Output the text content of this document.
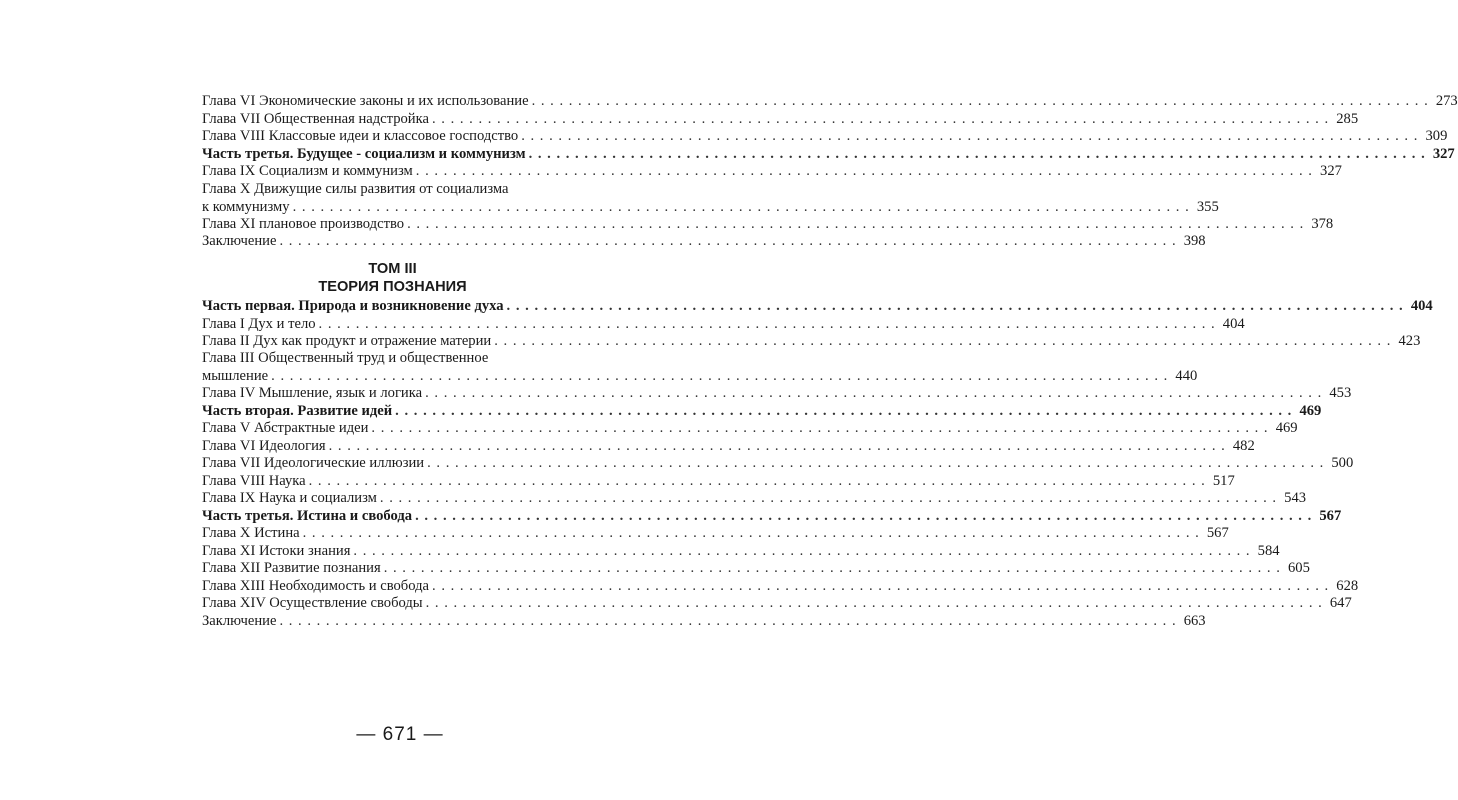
Глава VI Экономические законы и их использование . . .	273
Глава VII Общественная надстройка . . .	285
Глава VIII Классовые идеи и классовое господство . . .	309
Часть третья. Будущее - социализм и коммунизм . . .	327
Глава IX Социализм и коммунизм . . .	327
Глава X Движущие силы развития от социализма
к коммунизму . . .	355
Глава XI плановое производство . . .	378
Заключение . . .	398
ТОМ III
ТЕОРИЯ ПОЗНАНИЯ
Часть первая. Природа и возникновение духа . . .	404
Глава I Дух и тело . . .	404
Глава II Дух как продукт и отражение материи . . .	423
Глава III Общественный труд и общественное
мышление . . .	440
Глава IV Мышление, язык и логика . . .	453
Часть вторая. Развитие идей . . .	469
Глава V Абстрактные идеи . . .	469
Глава VI Идеология . . .	482
Глава VII Идеологические иллюзии . . .	500
Глава VIII Наука . . .	517
Глава IX Наука и социализм . . .	543
Часть третья. Истина и свобода . . .	567
Глава X Истина . . .	567
Глава XI Истоки знания . . .	584
Глава XII Развитие познания . . .	605
Глава XIII Необходимость и свобода . . .	628
Глава XIV Осуществление свободы . . .	647
Заключение . . .	663
— 671 —
